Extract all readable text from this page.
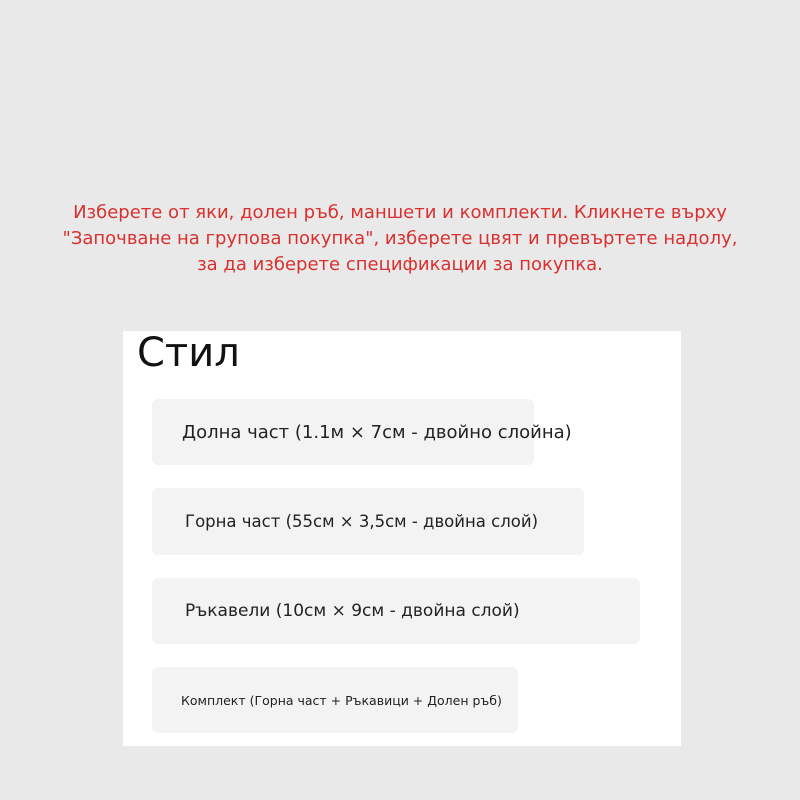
Изберете от яки, долен ръб, маншети и комплекти. Кликнете върху
"Започване на групова покупка", изберете цвят и превъртете надолу,
за да изберете спецификации за покупка.
Стил
Долна част (1.1м × 7см - двойно слойна)
Горна част (55см × 3,5см - двойна слой)
Ръкавели (10см × 9см - двойна слой)
Комплект (Горна част + Ръкавици + Долен ръб)
